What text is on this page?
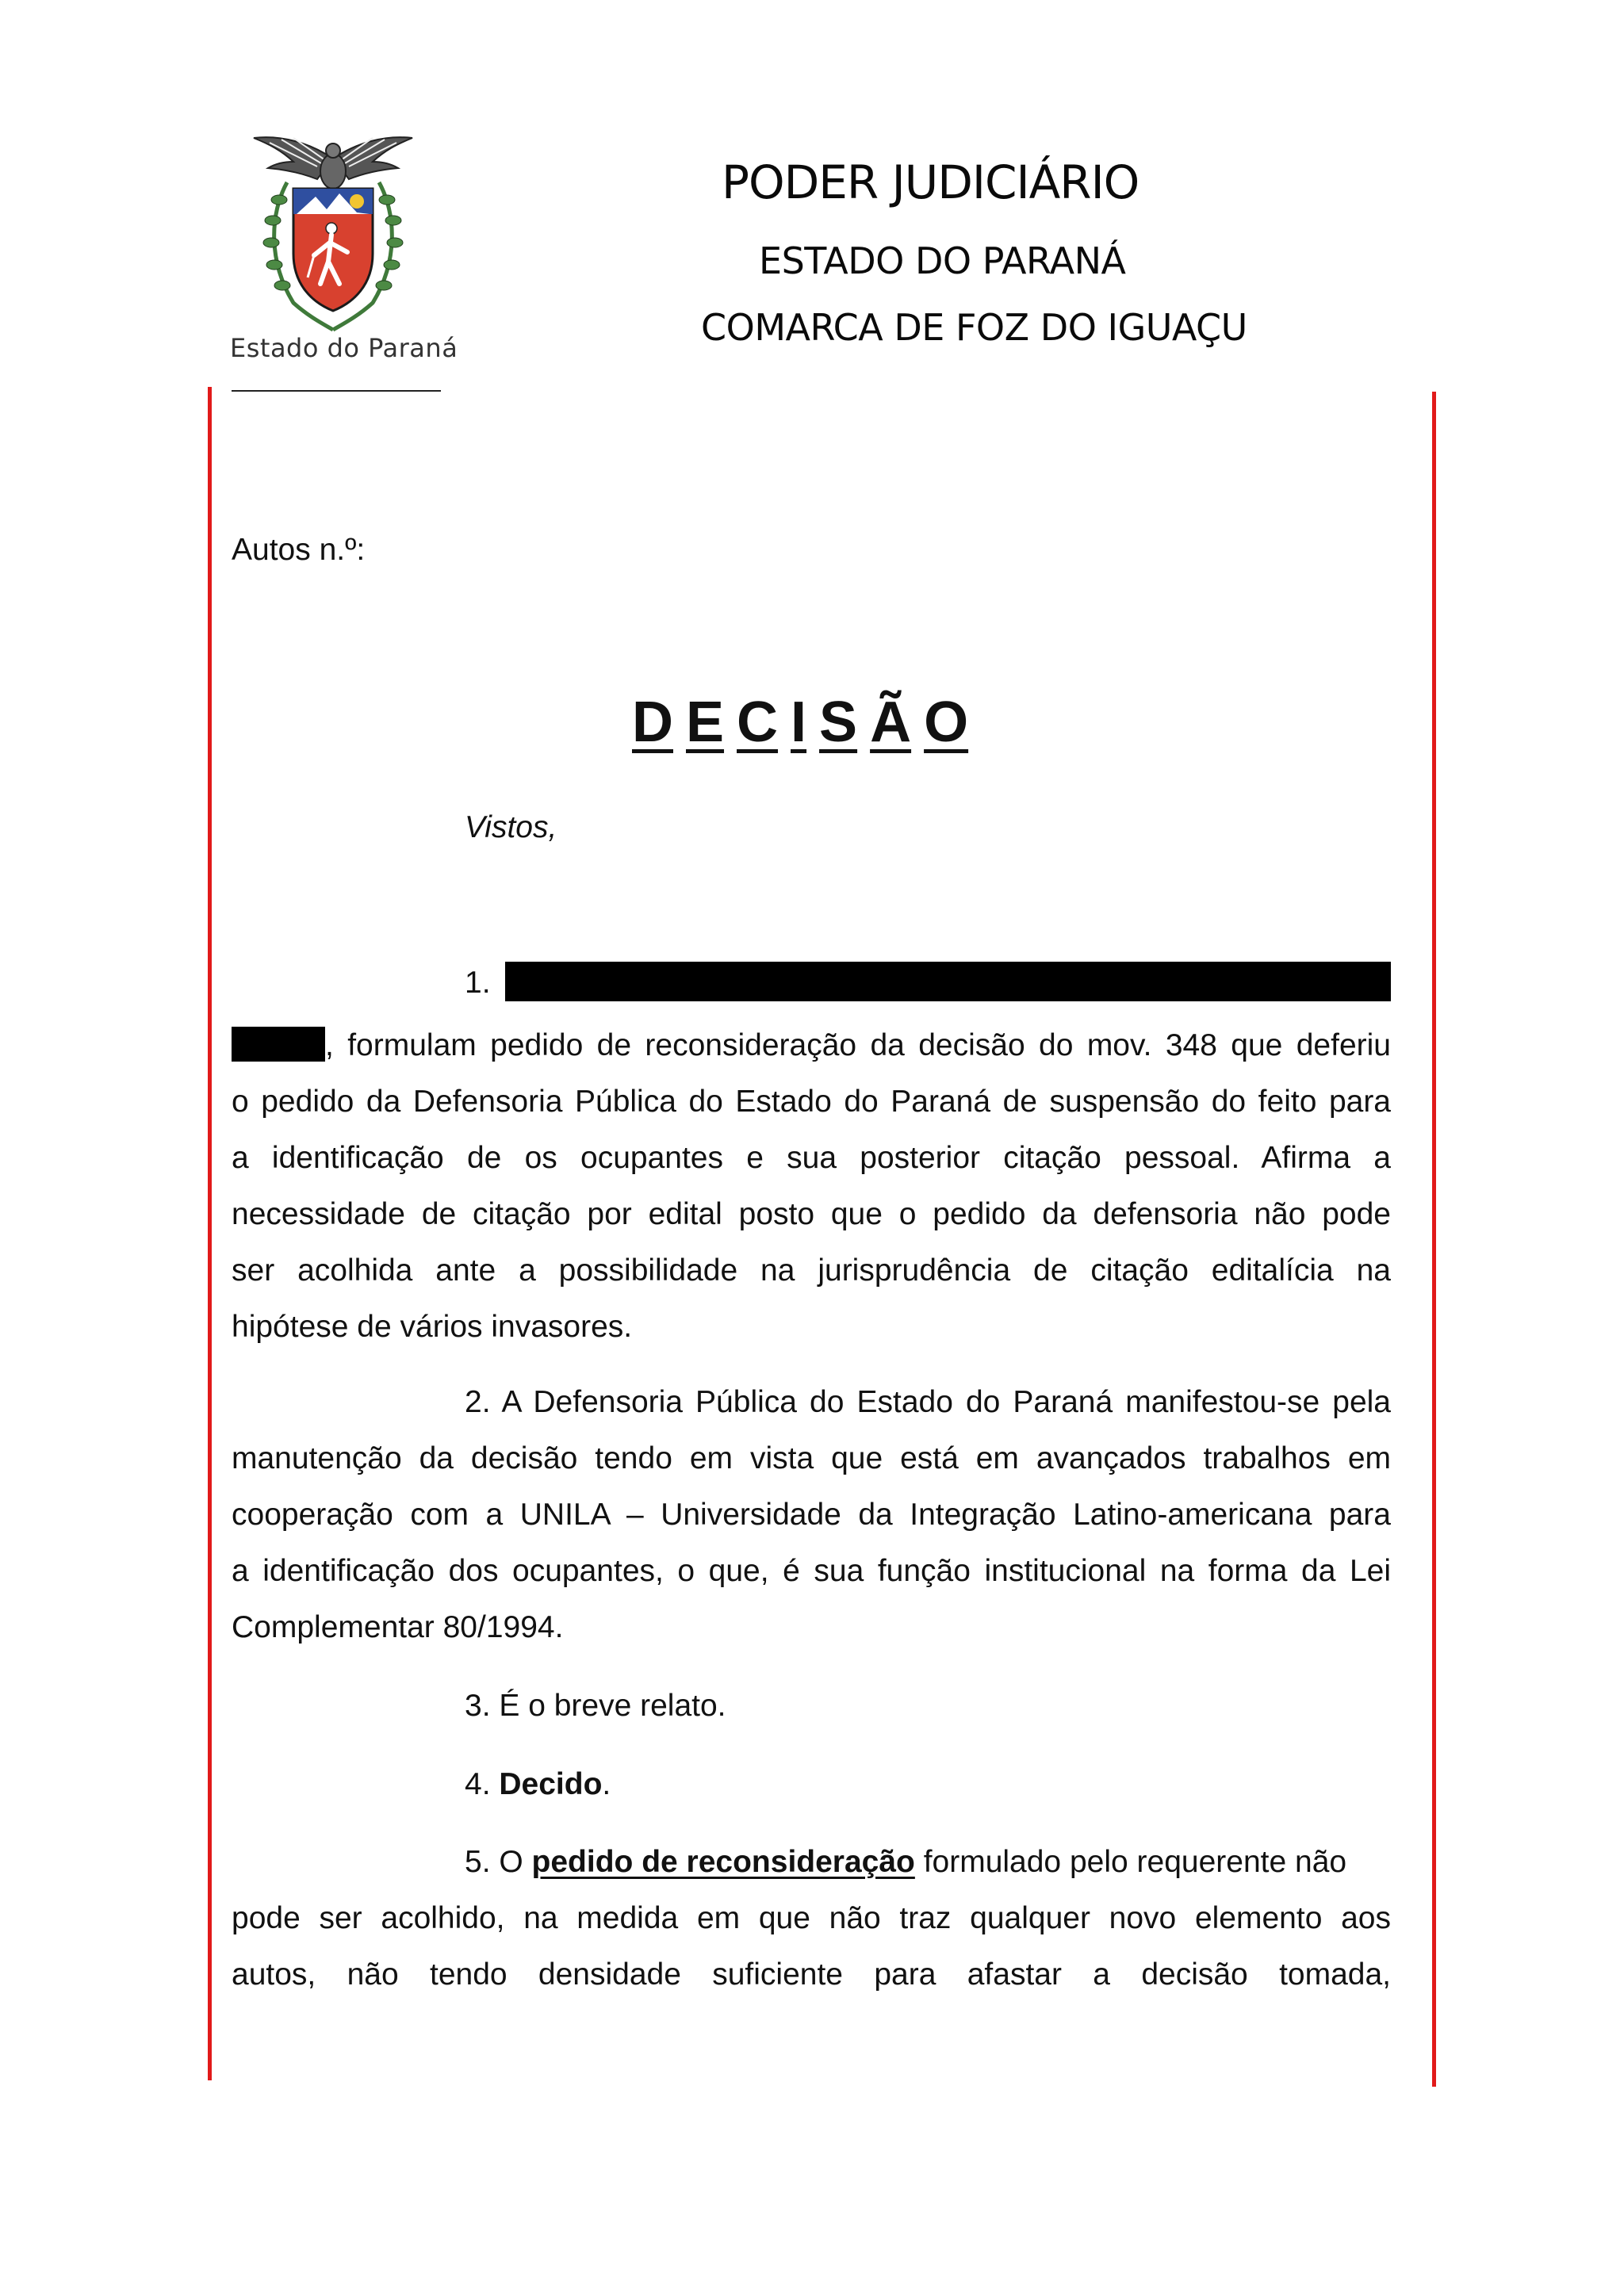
Estado do Paraná
PODER JUDICIÁRIO
ESTADO DO PARANÁ
COMARCA DE FOZ DO IGUAÇU
Autos n.º:
D E C I S Ã O
Vistos,
1.
, formulam pedido de reconsideração da decisão do mov. 348 que deferiu
o pedido da Defensoria Pública do Estado do Paraná de suspensão do feito para
a identificação de os ocupantes e sua posterior citação pessoal. Afirma a
necessidade de citação por edital posto que o pedido da defensoria não pode
ser acolhida ante a possibilidade na jurisprudência de citação editalícia na
hipótese de vários invasores.
2. A Defensoria Pública do Estado do Paraná manifestou-se pela
manutenção da decisão tendo em vista que está em avançados trabalhos em
cooperação com a UNILA – Universidade da Integração Latino-americana para
a identificação dos ocupantes, o que, é sua função institucional na forma da Lei
Complementar 80/1994.
3. É o breve relato.
4. Decido.
5. O pedido de reconsideração formulado pelo requerente não
pode ser acolhido, na medida em que não traz qualquer novo elemento aos
autos, não tendo densidade suficiente para afastar a decisão tomada,
